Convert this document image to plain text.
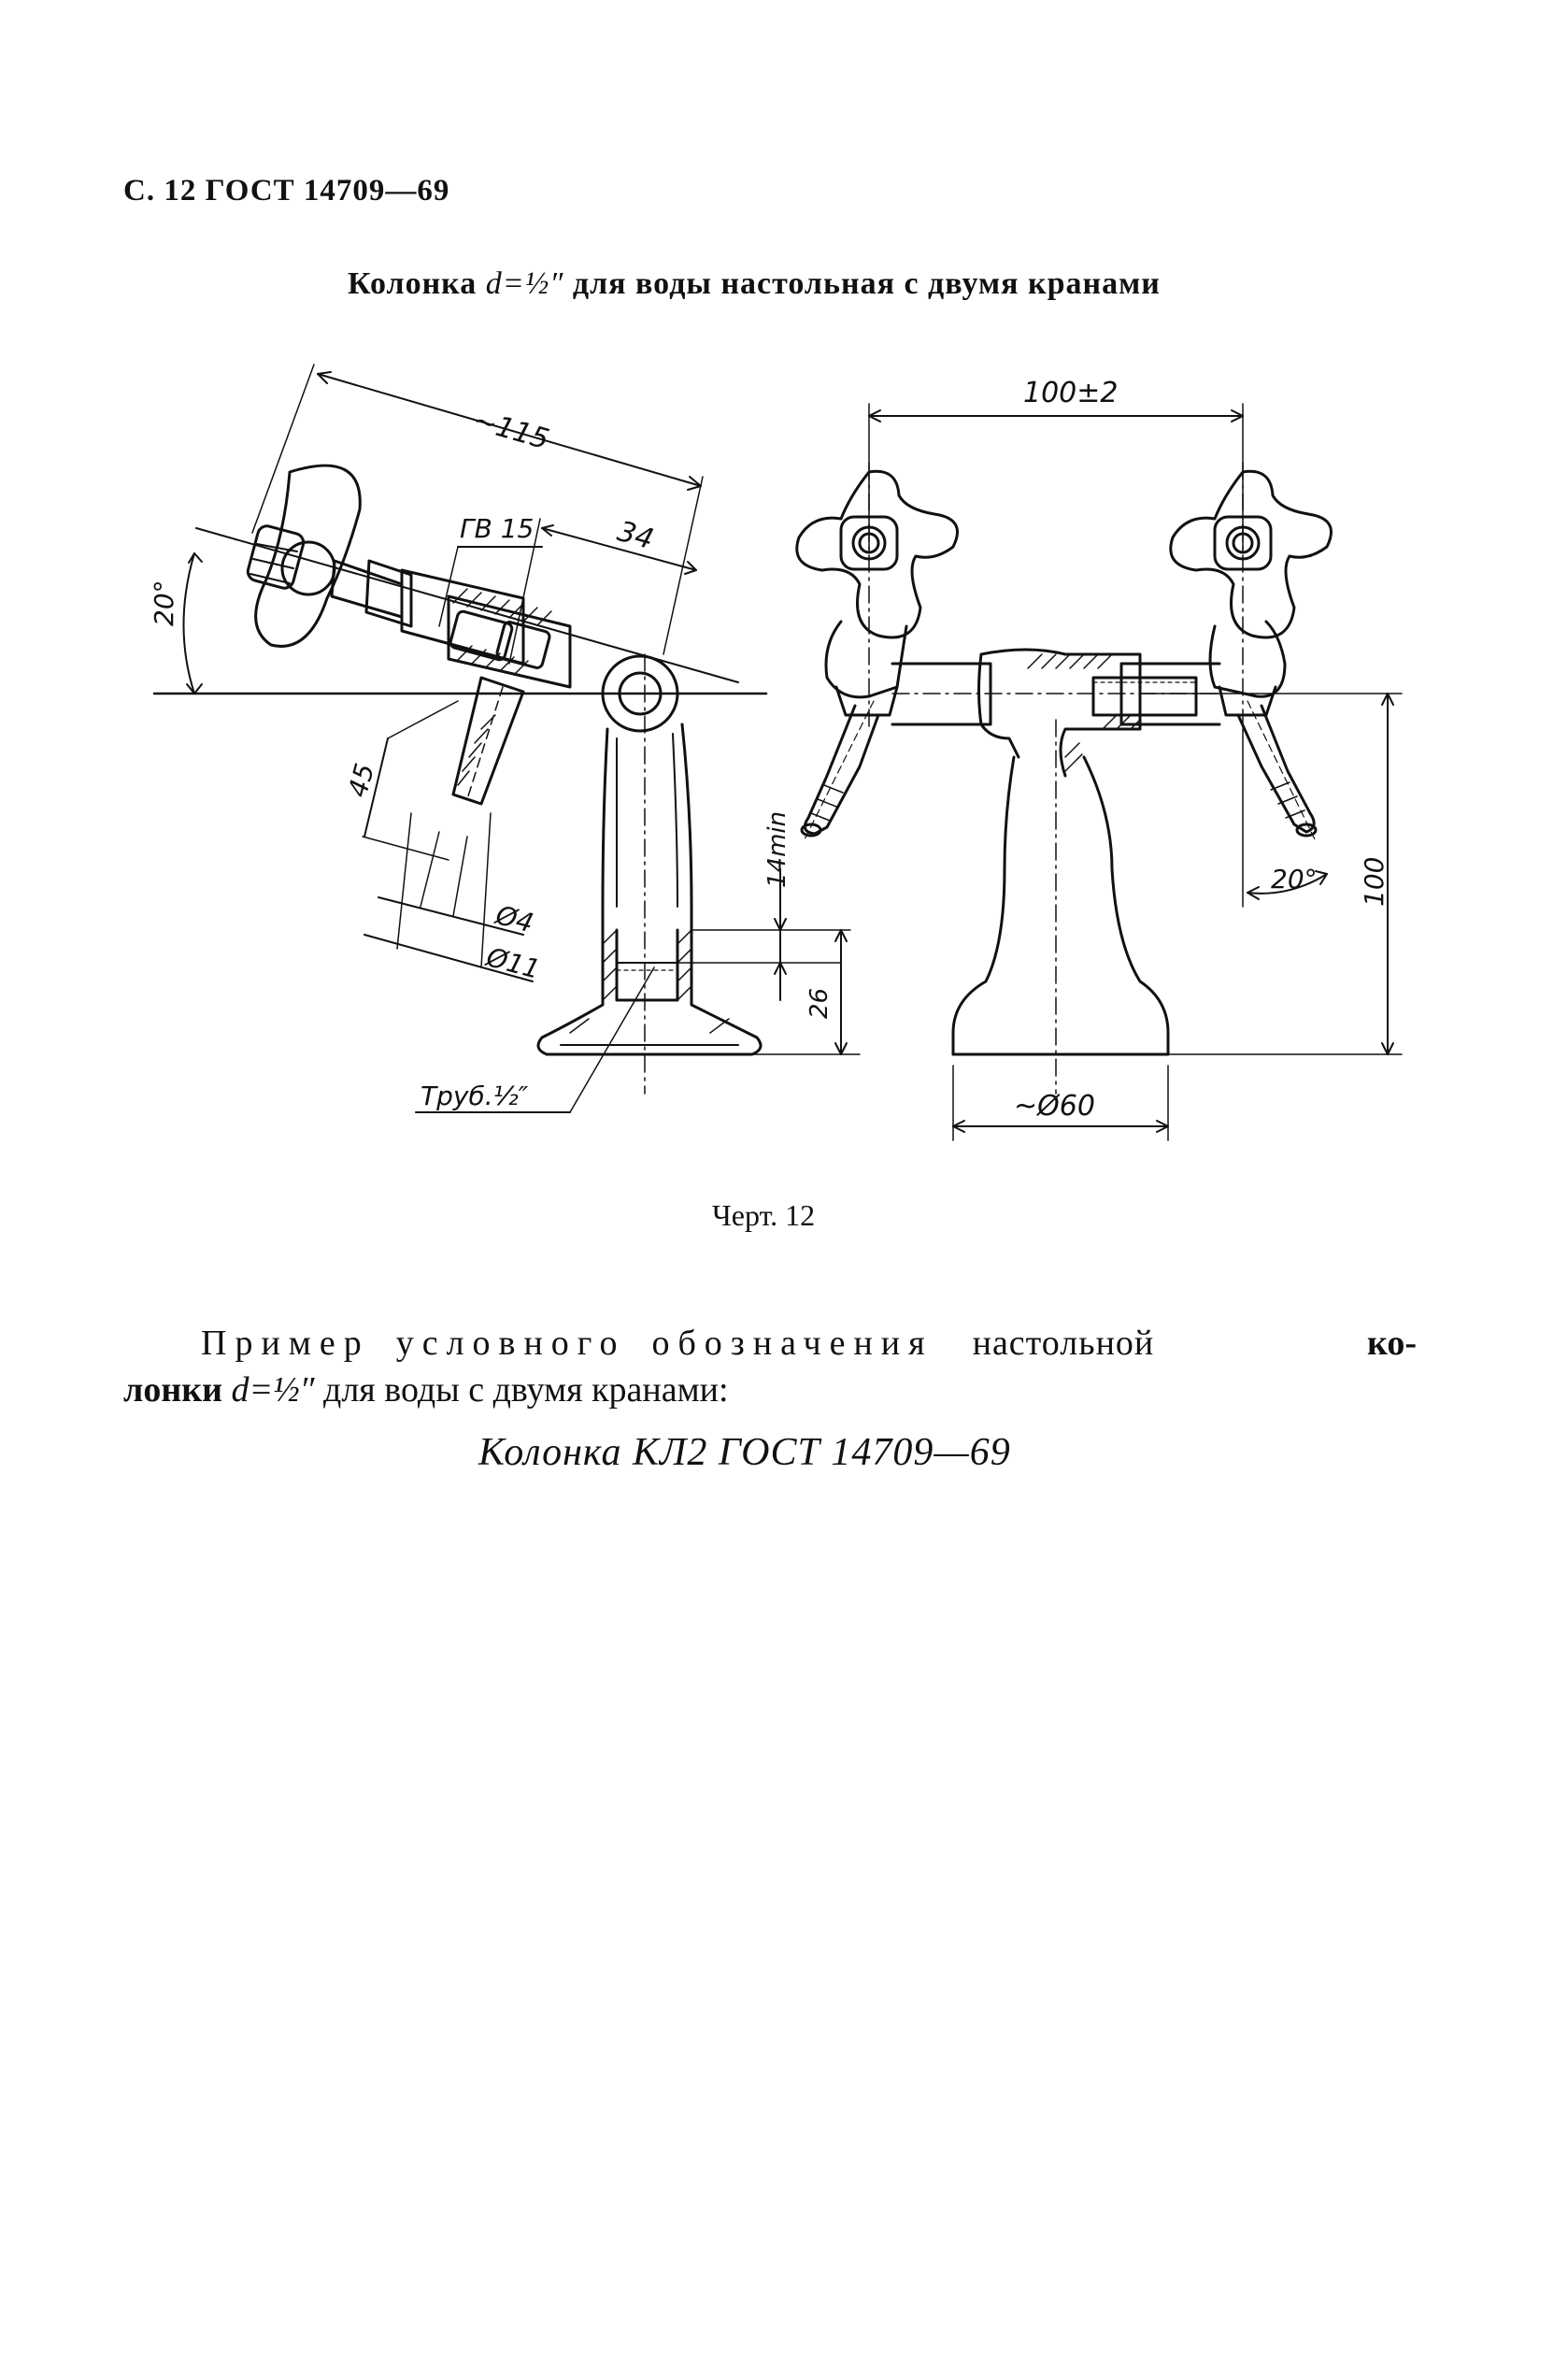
С. 12 ГОСТ 14709—69
Колонка d=½″ для воды настольная с двумя кранами
~115
34
ГВ 15
20°
45
Ø4
Ø11
14min
26
Труб.½″
100±2
20° 100
~Ø60
Черт. 12
Пример условного обозначения настольной	ко-
лонки d=½″ для воды с двумя кранами:
Колонка КЛ2 ГОСТ 14709—69
